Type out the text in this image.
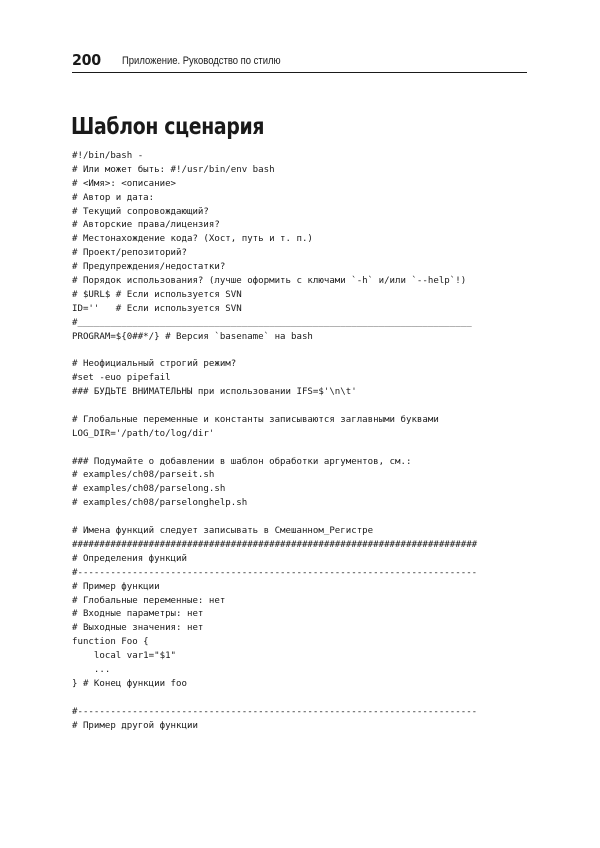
200 Приложение. Руководство по стилю
Шаблон сценария
#!/bin/bash -
# Или может быть: #!/usr/bin/env bash
# <Имя>: <описание>
# Автор и дата:
# Текущий сопровождающий?
# Авторские права/лицензия?
# Местонахождение кода? (Хост, путь и т. п.)
# Проект/репозиторий?
# Предупреждения/недостатки?
# Порядок использования? (лучше оформить с ключами `-h` и/или `--help`!)
# $URL$ # Если используется SVN
ID=''   # Если используется SVN
#________________________________________________________________________
PROGRAM=${0##*/} # Версия `basename` на bash
# Неофициальный строгий режим?
#set -euo pipefail
### БУДЬТЕ ВНИМАТЕЛЬНЫ при использовании IFS=$'\n\t'
# Глобальные переменные и константы записываются заглавными буквами
LOG_DIR='/path/to/log/dir'
### Подумайте о добавлении в шаблон обработки аргументов, см.:
# examples/ch08/parseit.sh
# examples/ch08/parselong.sh
# examples/ch08/parselonghelp.sh
# Имена функций следует записывать в Смешанном_Регистре
##########################################################################
# Определения функций
#-------------------------------------------------------------------------
# Пример функции
# Глобальные переменные: нет
# Входные параметры: нет
# Выходные значения: нет
function Foo {
local var1="$1"
...
} # Конец функции foo
#-------------------------------------------------------------------------
# Пример другой функции
